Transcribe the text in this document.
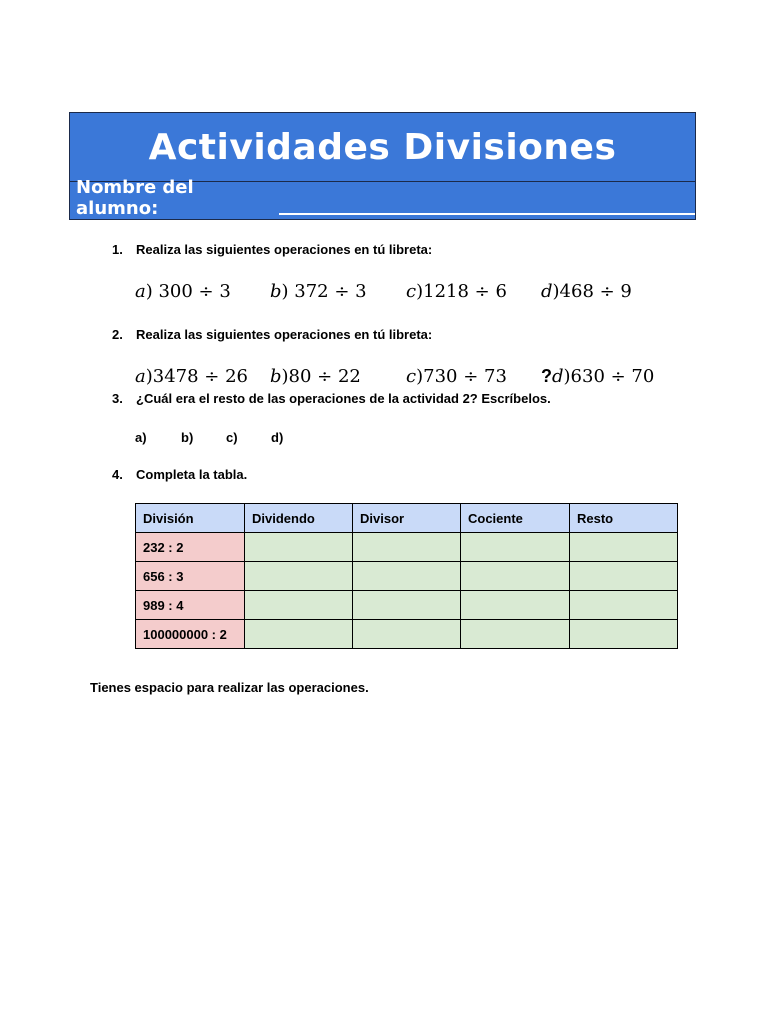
Actividades Divisiones
Nombre del alumno:
1. Realiza las siguientes operaciones en tú libreta:
a) 300 ÷ 3 b) 372 ÷ 3 c)1218 ÷ 6 d)468 ÷ 9
2. Realiza las siguientes operaciones en tú libreta:
a)3478 ÷ 26 b)80 ÷ 22	c)730 ÷ 73 ?d)630 ÷ 70
3. ¿Cuál era el resto de las operaciones de la actividad 2? Escríbelos.
a)	b)	c)	d)
4. Completa la tabla.
División	Dividendo	Divisor	Cociente	Resto
232 : 2				
656 : 3				
989 : 4				
100000000 : 2				
Tienes espacio para realizar las operaciones.
